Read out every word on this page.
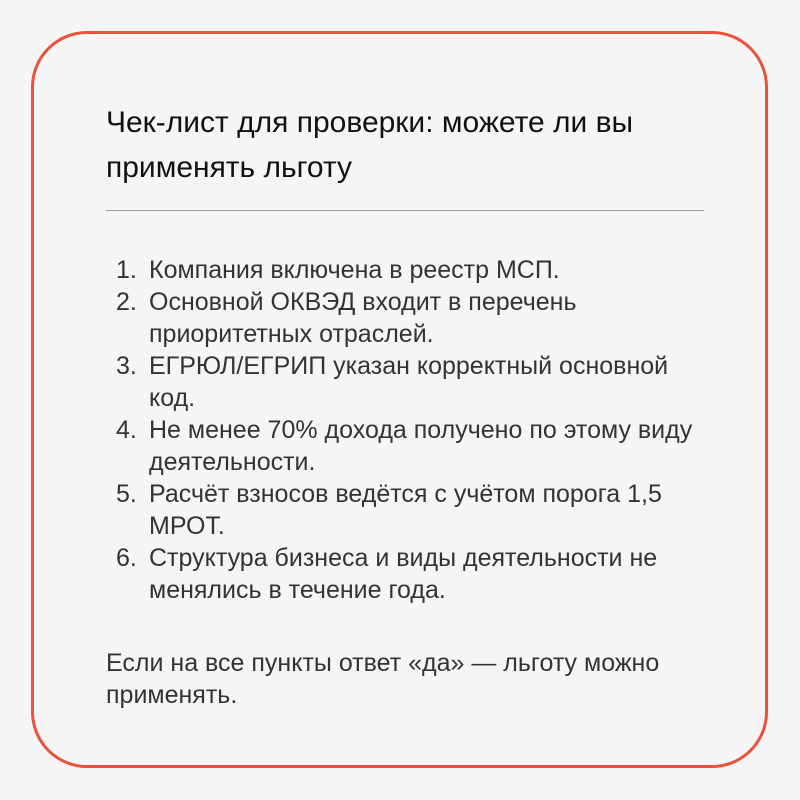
Чек-лист для проверки: можете ли вы применять льготу
1. Компания включена в реестр МСП.
2. Основной ОКВЭД входит в перечень приоритетных отраслей.
3. ЕГРЮЛ/ЕГРИП указан корректный основной код.
4. Не менее 70% дохода получено по этому виду деятельности.
5. Расчёт взносов ведётся с учётом порога 1,5 МРОТ.
6. Структура бизнеса и виды деятельности не менялись в течение года.

Если на все пункты ответ «да» — льготу можно применять.
